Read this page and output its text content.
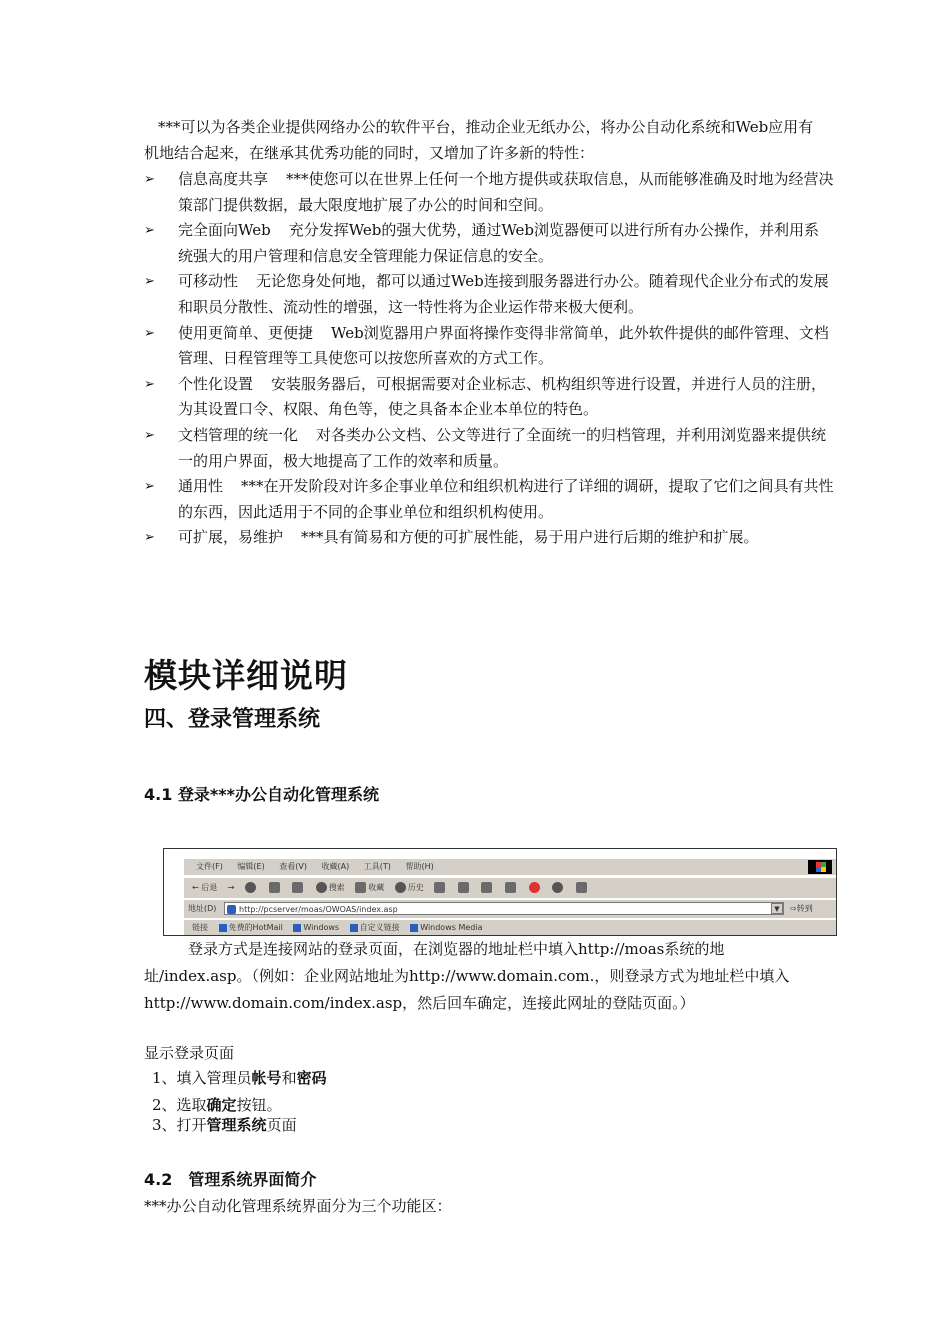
***可以为各类企业提供网络办公的软件平台，推动企业无纸办公，将办公自动化系统和Web应用有机地结合起来，在继承其优秀功能的同时，又增加了许多新的特性：
➢ 信息高度共享 ***使您可以在世界上任何一个地方提供或获取信息，从而能够准确及时地为经营决策部门提供数据，最大限度地扩展了办公的时间和空间。
➢ 完全面向Web 充分发挥Web的强大优势，通过Web浏览器便可以进行所有办公操作，并利用系统强大的用户管理和信息安全管理能力保证信息的安全。
➢ 可移动性 无论您身处何地，都可以通过Web连接到服务器进行办公。随着现代企业分布式的发展和职员分散性、流动性的增强，这一特性将为企业运作带来极大便利。
➢ 使用更简单、更便捷 Web浏览器用户界面将操作变得非常简单，此外软件提供的邮件管理、文档管理、日程管理等工具使您可以按您所喜欢的方式工作。
➢ 个性化设置 安装服务器后，可根据需要对企业标志、机构组织等进行设置，并进行人员的注册，为其设置口令、权限、角色等，使之具备本企业本单位的特色。
➢ 文档管理的统一化 对各类办公文档、公文等进行了全面统一的归档管理，并利用浏览器来提供统一的用户界面，极大地提高了工作的效率和质量。
➢ 通用性 ***在开发阶段对许多企事业单位和组织机构进行了详细的调研，提取了它们之间具有共性的东西，因此适用于不同的企事业单位和组织机构使用。
➢ 可扩展，易维护 ***具有简易和方便的可扩展性能，易于用户进行后期的维护和扩展。
模块详细说明
四、登录管理系统
4.1 登录***办公自动化管理系统
文件(F) 编辑(E) 查看(V) 收藏(A) 工具(T) 帮助(H)
← 后退 →	搜索	收藏	历史
地址(D)	http://pcserver/moas/OWOAS/index.asp	▼	⇨转到
链接	免费的HotMail	Windows	自定义链接	Windows Media
登录方式是连接网站的登录页面，在浏览器的地址栏中填入http://moas系统的地址/index.asp。（例如：企业网站地址为http://www.domain.com.，则登录方式为地址栏中填入http://www.domain.com/index.asp，然后回车确定，连接此网址的登陆页面。）
显示登录页面
1、填入管理员帐号和密码
2、选取确定按钮。
3、打开管理系统页面
4.2　管理系统界面简介
***办公自动化管理系统界面分为三个功能区：
